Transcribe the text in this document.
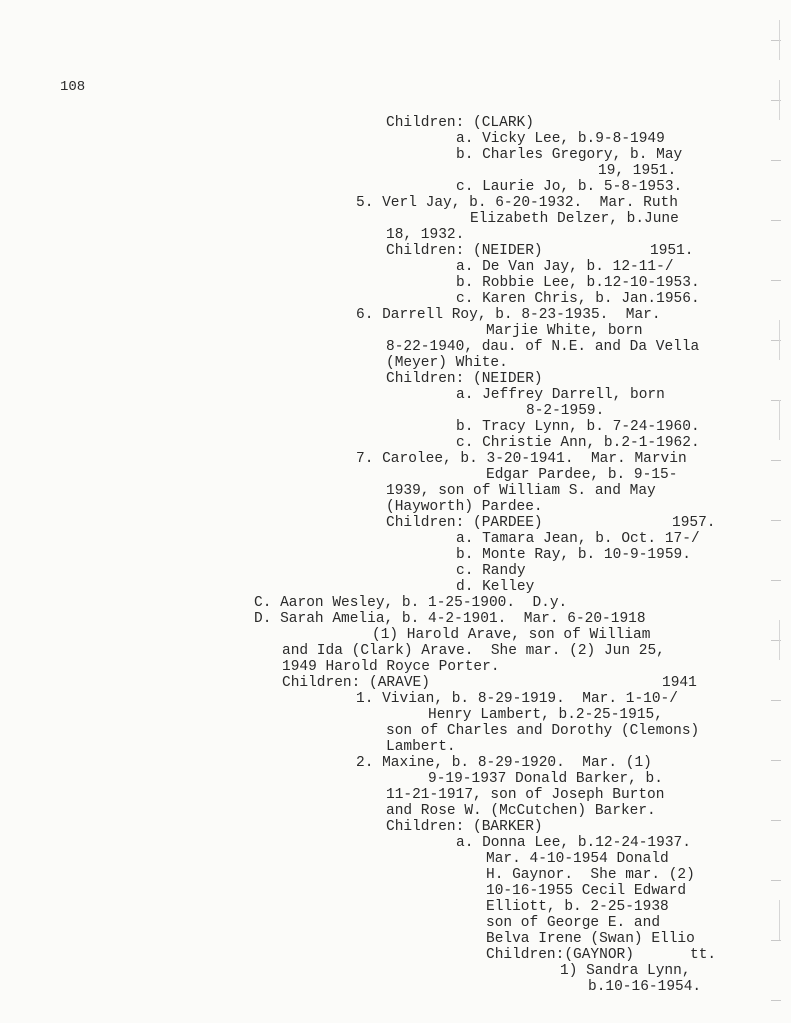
108
Children: (CLARK)
a. Vicky Lee, b.9-8-1949
b. Charles Gregory, b. May
19, 1951.
c. Laurie Jo, b. 5-8-1953.
5. Verl Jay, b. 6-20-1932.  Mar. Ruth
Elizabeth Delzer, b.June
18, 1932.
Children: (NEIDER)	1951.
a. De Van Jay, b. 12-11-/
b. Robbie Lee, b.12-10-1953.
c. Karen Chris, b. Jan.1956.
6. Darrell Roy, b. 8-23-1935.  Mar.
Marjie White, born
8-22-1940, dau. of N.E. and Da Vella
(Meyer) White.
Children: (NEIDER)
a. Jeffrey Darrell, born
8-2-1959.
b. Tracy Lynn, b. 7-24-1960.
c. Christie Ann, b.2-1-1962.
7. Carolee, b. 3-20-1941.  Mar. Marvin
Edgar Pardee, b. 9-15-
1939, son of William S. and May
(Hayworth) Pardee.
Children: (PARDEE)	1957.
a. Tamara Jean, b. Oct. 17-/
b. Monte Ray, b. 10-9-1959.
c. Randy
d. Kelley
C. Aaron Wesley, b. 1-25-1900.  D.y.
D. Sarah Amelia, b. 4-2-1901.  Mar. 6-20-1918
(1) Harold Arave, son of William
and Ida (Clark) Arave.  She mar. (2) Jun 25,
1949 Harold Royce Porter.
Children: (ARAVE)	1941
1. Vivian, b. 8-29-1919.  Mar. 1-10-/
Henry Lambert, b.2-25-1915,
son of Charles and Dorothy (Clemons)
Lambert.
2. Maxine, b. 8-29-1920.  Mar. (1)
9-19-1937 Donald Barker, b.
11-21-1917, son of Joseph Burton
and Rose W. (McCutchen) Barker.
Children: (BARKER)
a. Donna Lee, b.12-24-1937.
Mar. 4-10-1954 Donald
H. Gaynor.  She mar. (2)
10-16-1955 Cecil Edward
Elliott, b. 2-25-1938
son of George E. and
Belva Irene (Swan) Ellio
Children:(GAYNOR)	tt.
1) Sandra Lynn,
b.10-16-1954.
